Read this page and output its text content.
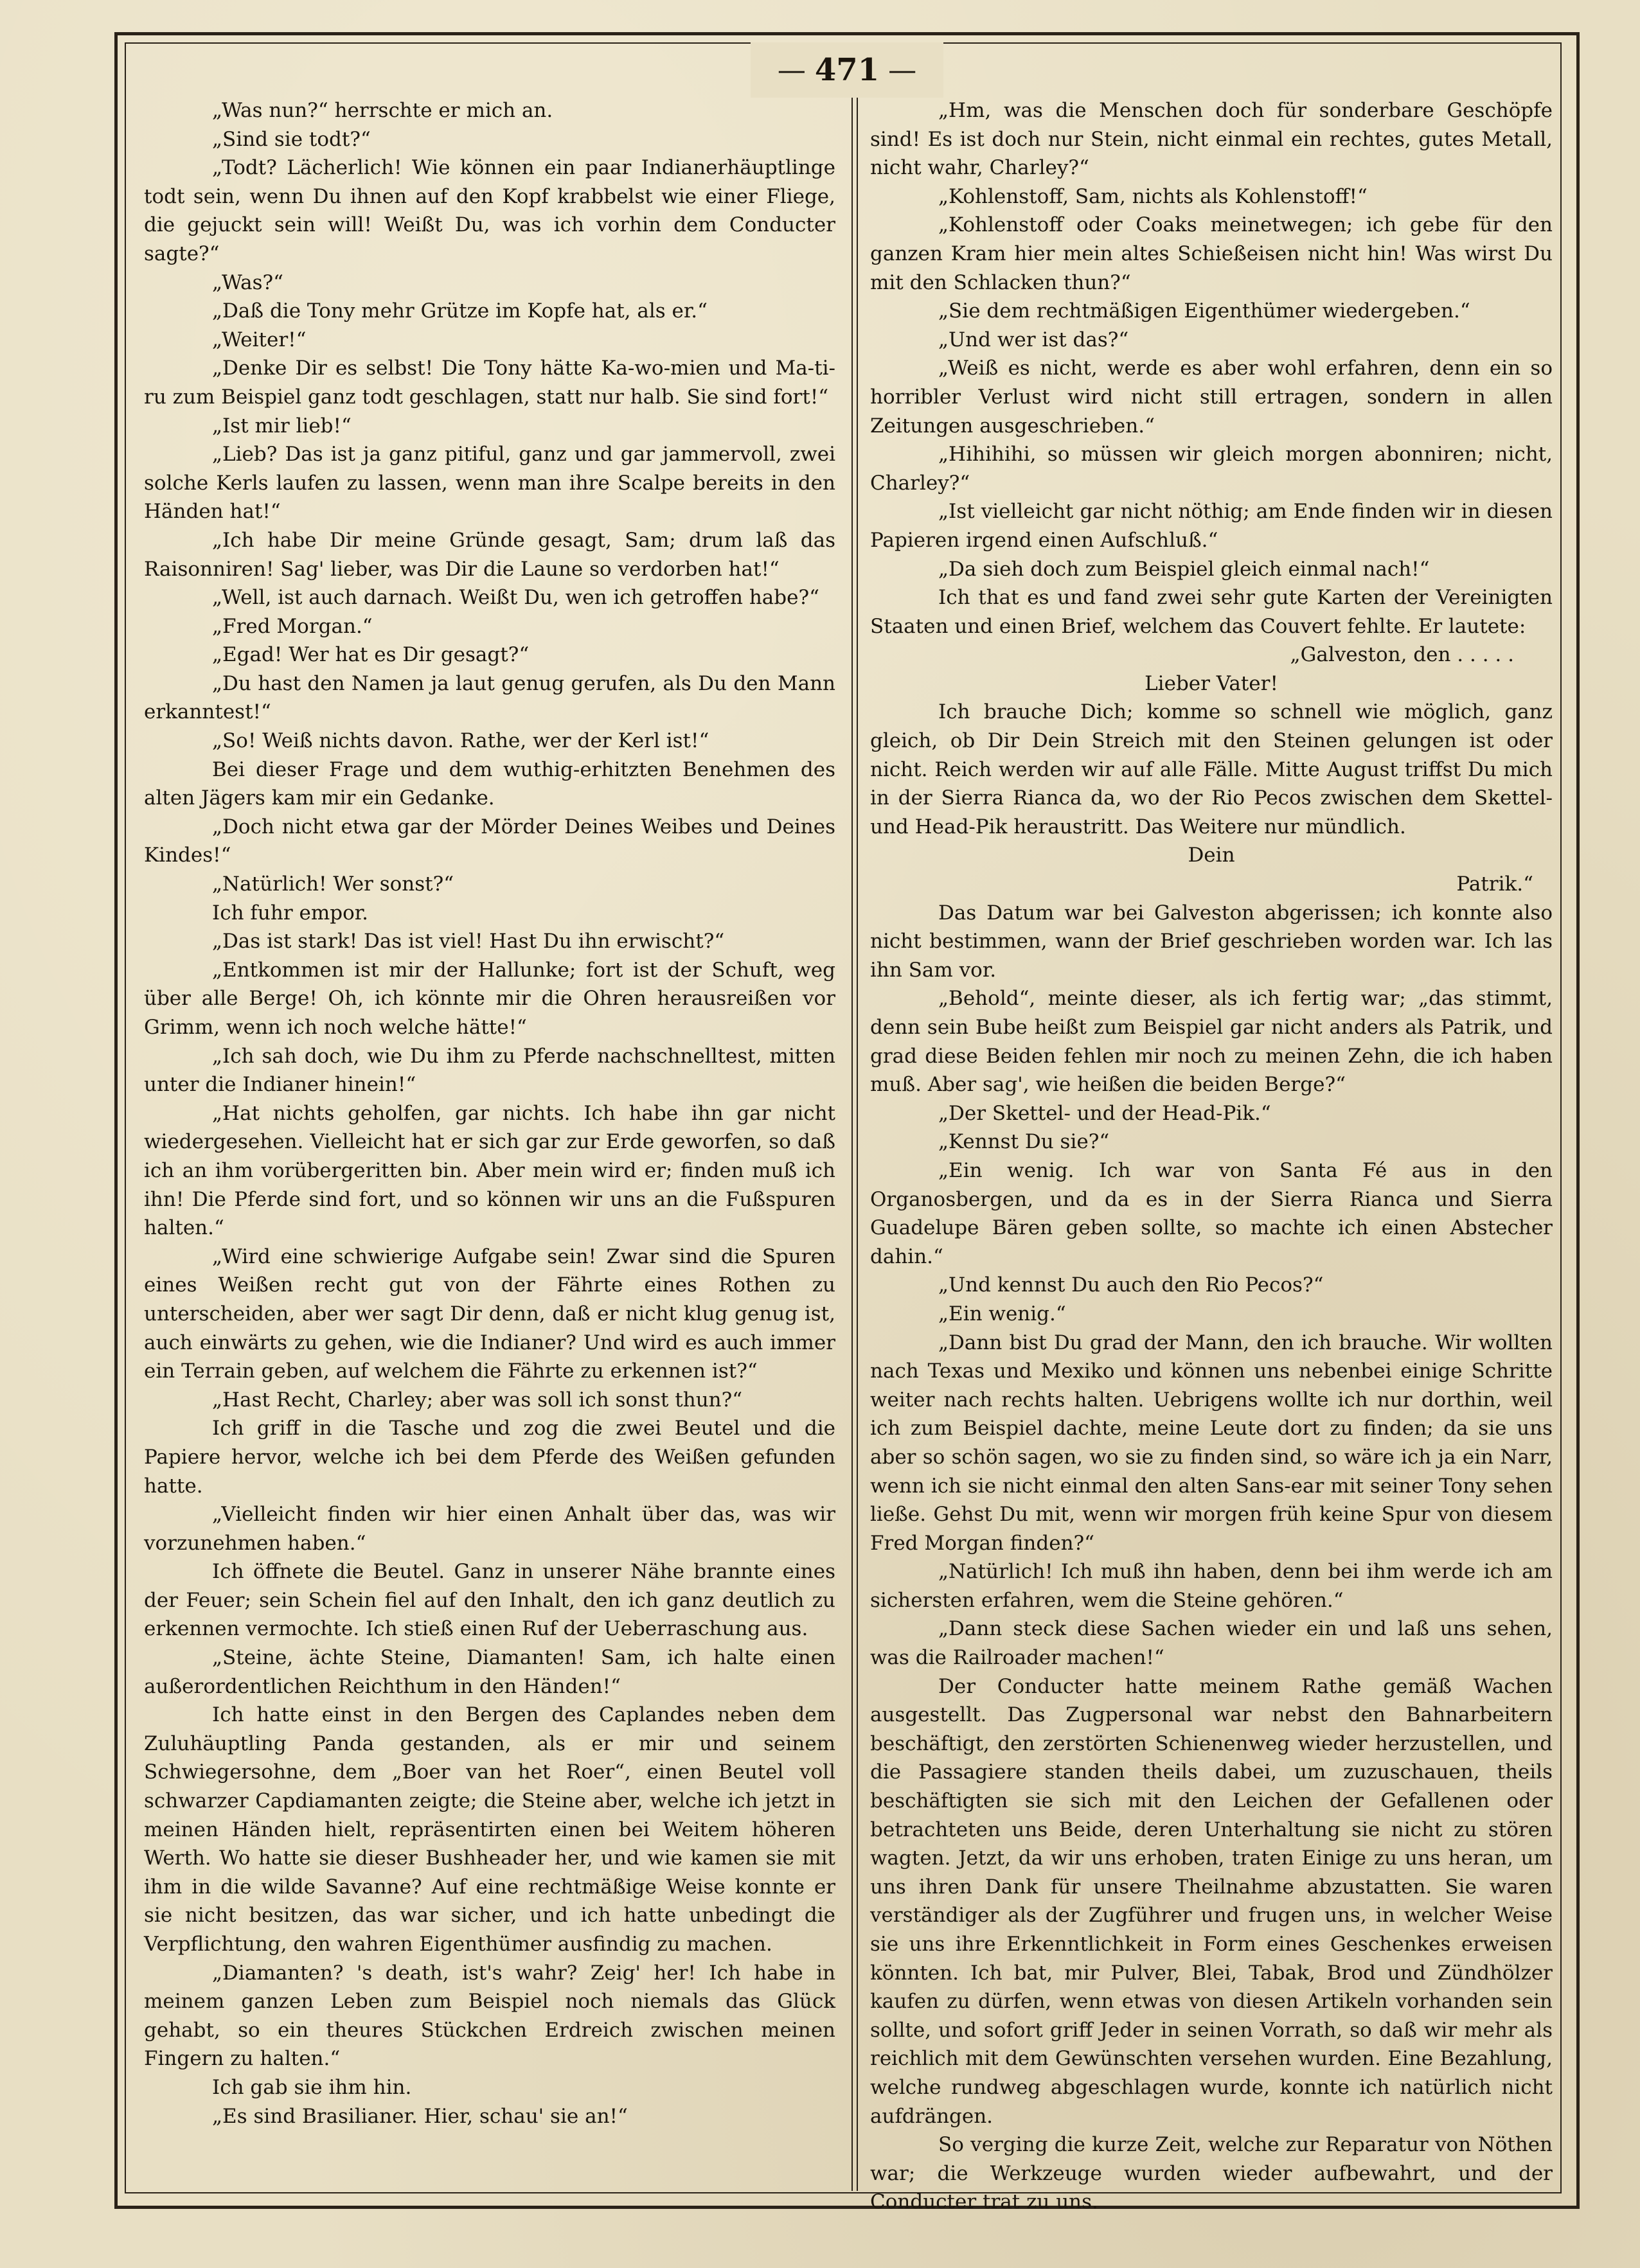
— 471 —

„Was nun?“ herrschte er mich an.

„Sind sie todt?“

„Todt? Lächerlich! Wie können ein paar Indianerhäuptlinge todt sein, wenn Du ihnen auf den Kopf krabbelst wie einer Fliege, die gejuckt sein will! Weißt Du, was ich vorhin dem Conducter sagte?“

„Was?“

„Daß die Tony mehr Grütze im Kopfe hat, als er.“

„Weiter!“

„Denke Dir es selbst! Die Tony hätte Ka-wo-mien und Ma-ti-ru zum Beispiel ganz todt geschlagen, statt nur halb. Sie sind fort!“

„Ist mir lieb!“

„Lieb? Das ist ja ganz pitiful, ganz und gar jammervoll, zwei solche Kerls laufen zu lassen, wenn man ihre Scalpe bereits in den Händen hat!“

„Ich habe Dir meine Gründe gesagt, Sam; drum laß das Raisonniren! Sag' lieber, was Dir die Laune so verdorben hat!“

„Well, ist auch darnach. Weißt Du, wen ich getroffen habe?“

„Fred Morgan.“

„Egad! Wer hat es Dir gesagt?“

„Du hast den Namen ja laut genug gerufen, als Du den Mann erkanntest!“

„So! Weiß nichts davon. Rathe, wer der Kerl ist!“

Bei dieser Frage und dem wuthig-erhitzten Benehmen des alten Jägers kam mir ein Gedanke.

„Doch nicht etwa gar der Mörder Deines Weibes und Deines Kindes!“

„Natürlich! Wer sonst?“

Ich fuhr empor.

„Das ist stark! Das ist viel! Hast Du ihn erwischt?“

„Entkommen ist mir der Hallunke; fort ist der Schuft, weg über alle Berge! Oh, ich könnte mir die Ohren herausreißen vor Grimm, wenn ich noch welche hätte!“

„Ich sah doch, wie Du ihm zu Pferde nachschnelltest, mitten unter die Indianer hinein!“

„Hat nichts geholfen, gar nichts. Ich habe ihn gar nicht wiedergesehen. Vielleicht hat er sich gar zur Erde geworfen, so daß ich an ihm vorübergeritten bin. Aber mein wird er; finden muß ich ihn! Die Pferde sind fort, und so können wir uns an die Fußspuren halten.“

„Wird eine schwierige Aufgabe sein! Zwar sind die Spuren eines Weißen recht gut von der Fährte eines Rothen zu unterscheiden, aber wer sagt Dir denn, daß er nicht klug genug ist, auch einwärts zu gehen, wie die Indianer? Und wird es auch immer ein Terrain geben, auf welchem die Fährte zu erkennen ist?“

„Hast Recht, Charley; aber was soll ich sonst thun?“

Ich griff in die Tasche und zog die zwei Beutel und die Papiere hervor, welche ich bei dem Pferde des Weißen gefunden hatte.

„Vielleicht finden wir hier einen Anhalt über das, was wir vorzunehmen haben.“

Ich öffnete die Beutel. Ganz in unserer Nähe brannte eines der Feuer; sein Schein fiel auf den Inhalt, den ich ganz deutlich zu erkennen vermochte. Ich stieß einen Ruf der Ueberraschung aus.

„Steine, ächte Steine, Diamanten! Sam, ich halte einen außerordentlichen Reichthum in den Händen!“

Ich hatte einst in den Bergen des Caplandes neben dem Zuluhäuptling Panda gestanden, als er mir und seinem Schwiegersohne, dem „Boer van het Roer“, einen Beutel voll schwarzer Capdiamanten zeigte; die Steine aber, welche ich jetzt in meinen Händen hielt, repräsentirten einen bei Weitem höheren Werth. Wo hatte sie dieser Bushheader her, und wie kamen sie mit ihm in die wilde Savanne? Auf eine rechtmäßige Weise konnte er sie nicht besitzen, das war sicher, und ich hatte unbedingt die Verpflichtung, den wahren Eigenthümer ausfindig zu machen.

„Diamanten? 's death, ist's wahr? Zeig' her! Ich habe in meinem ganzen Leben zum Beispiel noch niemals das Glück gehabt, so ein theures Stückchen Erdreich zwischen meinen Fingern zu halten.“

Ich gab sie ihm hin.

„Es sind Brasilianer. Hier, schau' sie an!“

„Hm, was die Menschen doch für sonderbare Geschöpfe sind! Es ist doch nur Stein, nicht einmal ein rechtes, gutes Metall, nicht wahr, Charley?“

„Kohlenstoff, Sam, nichts als Kohlenstoff!“

„Kohlenstoff oder Coaks meinetwegen; ich gebe für den ganzen Kram hier mein altes Schießeisen nicht hin! Was wirst Du mit den Schlacken thun?“

„Sie dem rechtmäßigen Eigenthümer wiedergeben.“

„Und wer ist das?“

„Weiß es nicht, werde es aber wohl erfahren, denn ein so horribler Verlust wird nicht still ertragen, sondern in allen Zeitungen ausgeschrieben.“

„Hihihihi, so müssen wir gleich morgen abonniren; nicht, Charley?“

„Ist vielleicht gar nicht nöthig; am Ende finden wir in diesen Papieren irgend einen Aufschluß.“

„Da sieh doch zum Beispiel gleich einmal nach!“

Ich that es und fand zwei sehr gute Karten der Vereinigten Staaten und einen Brief, welchem das Couvert fehlte. Er lautete:

„Galveston, den . . . . .

Lieber Vater!

Ich brauche Dich; komme so schnell wie möglich, ganz gleich, ob Dir Dein Streich mit den Steinen gelungen ist oder nicht. Reich werden wir auf alle Fälle. Mitte August triffst Du mich in der Sierra Rianca da, wo der Rio Pecos zwischen dem Skettel- und Head-Pik heraustritt. Das Weitere nur mündlich.

Dein

Patrik.“

Das Datum war bei Galveston abgerissen; ich konnte also nicht bestimmen, wann der Brief geschrieben worden war. Ich las ihn Sam vor.

„Behold“, meinte dieser, als ich fertig war; „das stimmt, denn sein Bube heißt zum Beispiel gar nicht anders als Patrik, und grad diese Beiden fehlen mir noch zu meinen Zehn, die ich haben muß. Aber sag', wie heißen die beiden Berge?“

„Der Skettel- und der Head-Pik.“

„Kennst Du sie?“

„Ein wenig. Ich war von Santa Fé aus in den Organosbergen, und da es in der Sierra Rianca und Sierra Guadelupe Bären geben sollte, so machte ich einen Abstecher dahin.“

„Und kennst Du auch den Rio Pecos?“

„Ein wenig.“

„Dann bist Du grad der Mann, den ich brauche. Wir wollten nach Texas und Mexiko und können uns nebenbei einige Schritte weiter nach rechts halten. Uebrigens wollte ich nur dorthin, weil ich zum Beispiel dachte, meine Leute dort zu finden; da sie uns aber so schön sagen, wo sie zu finden sind, so wäre ich ja ein Narr, wenn ich sie nicht einmal den alten Sans-ear mit seiner Tony sehen ließe. Gehst Du mit, wenn wir morgen früh keine Spur von diesem Fred Morgan finden?“

„Natürlich! Ich muß ihn haben, denn bei ihm werde ich am sichersten erfahren, wem die Steine gehören.“

„Dann steck diese Sachen wieder ein und laß uns sehen, was die Railroader machen!“

Der Conducter hatte meinem Rathe gemäß Wachen ausgestellt. Das Zugpersonal war nebst den Bahnarbeitern beschäftigt, den zerstörten Schienenweg wieder herzustellen, und die Passagiere standen theils dabei, um zuzuschauen, theils beschäftigten sie sich mit den Leichen der Gefallenen oder betrachteten uns Beide, deren Unterhaltung sie nicht zu stören wagten. Jetzt, da wir uns erhoben, traten Einige zu uns heran, um uns ihren Dank für unsere Theilnahme abzustatten. Sie waren verständiger als der Zugführer und frugen uns, in welcher Weise sie uns ihre Erkenntlichkeit in Form eines Geschenkes erweisen könnten. Ich bat, mir Pulver, Blei, Tabak, Brod und Zündhölzer kaufen zu dürfen, wenn etwas von diesen Artikeln vorhanden sein sollte, und sofort griff Jeder in seinen Vorrath, so daß wir mehr als reichlich mit dem Gewünschten versehen wurden. Eine Bezahlung, welche rundweg abgeschlagen wurde, konnte ich natürlich nicht aufdrängen.

So verging die kurze Zeit, welche zur Reparatur von Nöthen war; die Werkzeuge wurden wieder aufbewahrt, und der Conducter trat zu uns.
